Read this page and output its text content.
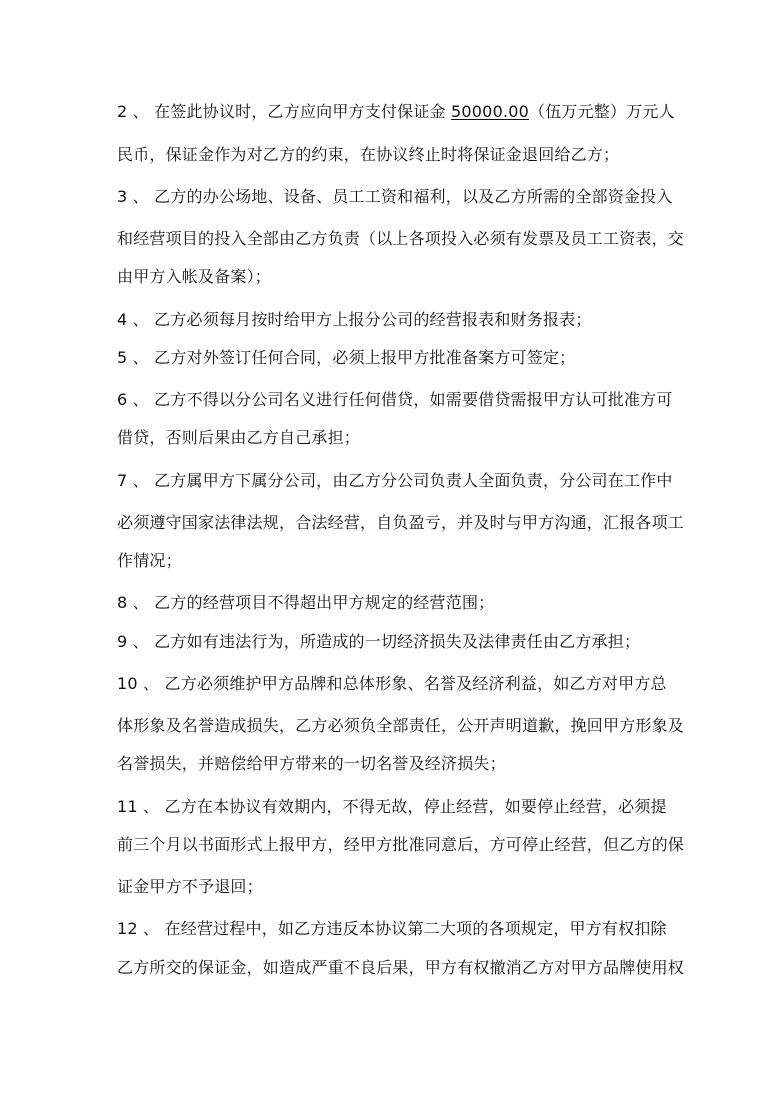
2 、 在签此协议时，乙方应向甲方支付保证金 50000.00（伍万元整）万元人
民币，保证金作为对乙方的约束，在协议终止时将保证金退回给乙方；
3 、 乙方的办公场地、设备、员工工资和福利，以及乙方所需的全部资金投入
和经营项目的投入全部由乙方负责（以上各项投入必须有发票及员工工资表，交
由甲方入帐及备案）；
4 、 乙方必须每月按时给甲方上报分公司的经营报表和财务报表；
5 、 乙方对外签订任何合同，必须上报甲方批准备案方可签定；
6 、 乙方不得以分公司名义进行任何借贷，如需要借贷需报甲方认可批准方可
借贷，否则后果由乙方自己承担；
7 、 乙方属甲方下属分公司，由乙方分公司负责人全面负责，分公司在工作中
必须遵守国家法律法规，合法经营，自负盈亏，并及时与甲方沟通，汇报各项工
作情况；
8 、 乙方的经营项目不得超出甲方规定的经营范围；
9 、 乙方如有违法行为，所造成的一切经济损失及法律责任由乙方承担；
10 、 乙方必须维护甲方品牌和总体形象、名誉及经济利益，如乙方对甲方总
体形象及名誉造成损失，乙方必须负全部责任，公开声明道歉，挽回甲方形象及
名誉损失，并赔偿给甲方带来的一切名誉及经济损失；
11 、 乙方在本协议有效期内，不得无故，停止经营，如要停止经营，必须提
前三个月以书面形式上报甲方，经甲方批准同意后，方可停止经营，但乙方的保
证金甲方不予退回；
12 、 在经营过程中，如乙方违反本协议第二大项的各项规定，甲方有权扣除
乙方所交的保证金，如造成严重不良后果，甲方有权撤消乙方对甲方品牌使用权
